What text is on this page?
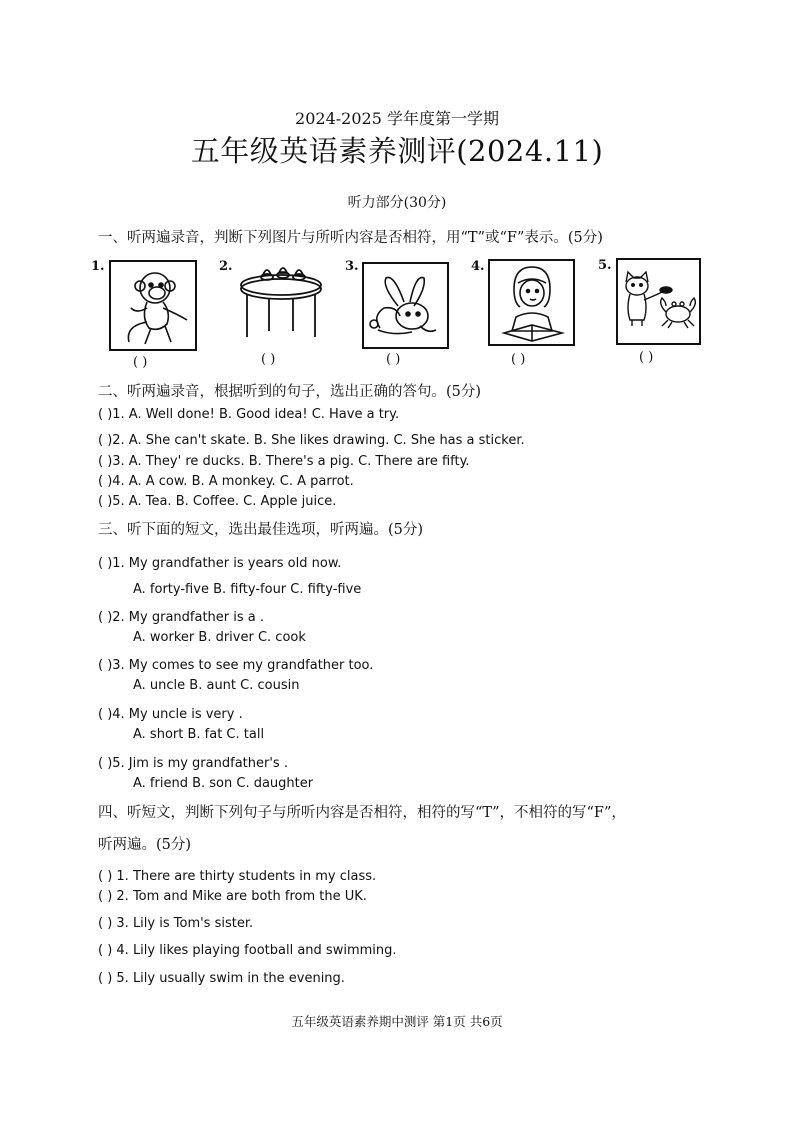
2024-2025 学年度第一学期
五年级英语素养测评(2024.11)
听力部分(30分)
一、听两遍录音，判断下列图片与所听内容是否相符，用“T”或“F”表示。(5分)
1.
( )
2.
( )
3.
( )
4.
( )
5.
( )
二、听两遍录音，根据听到的句子，选出正确的答句。(5分)
( )1. A. Well done! B. Good idea! C. Have a try.
( )2. A. She can't skate. B. She likes drawing. C. She has a sticker.
( )3. A. They' re ducks. B. There's a pig. C. There are fifty.
( )4. A. A cow. B. A monkey. C. A parrot.
( )5. A. Tea. B. Coffee. C. Apple juice.
三、听下面的短文，选出最佳选项，听两遍。(5分)
( )1. My grandfather is years old now.
A. forty-five B. fifty-four C. fifty-five
( )2. My grandfather is a .
A. worker B. driver C. cook
( )3. My comes to see my grandfather too.
A. uncle B. aunt C. cousin
( )4. My uncle is very .
A. short B. fat C. tall
( )5. Jim is my grandfather's .
A. friend B. son C. daughter
四、听短文，判断下列句子与所听内容是否相符，相符的写“T”，不相符的写“F”，
听两遍。(5分)
( ) 1. There are thirty students in my class.
( ) 2. Tom and Mike are both from the UK.
( ) 3. Lily is Tom's sister.
( ) 4. Lily likes playing football and swimming.
( ) 5. Lily usually swim in the evening.
五年级英语素养期中测评 第1页 共6页
